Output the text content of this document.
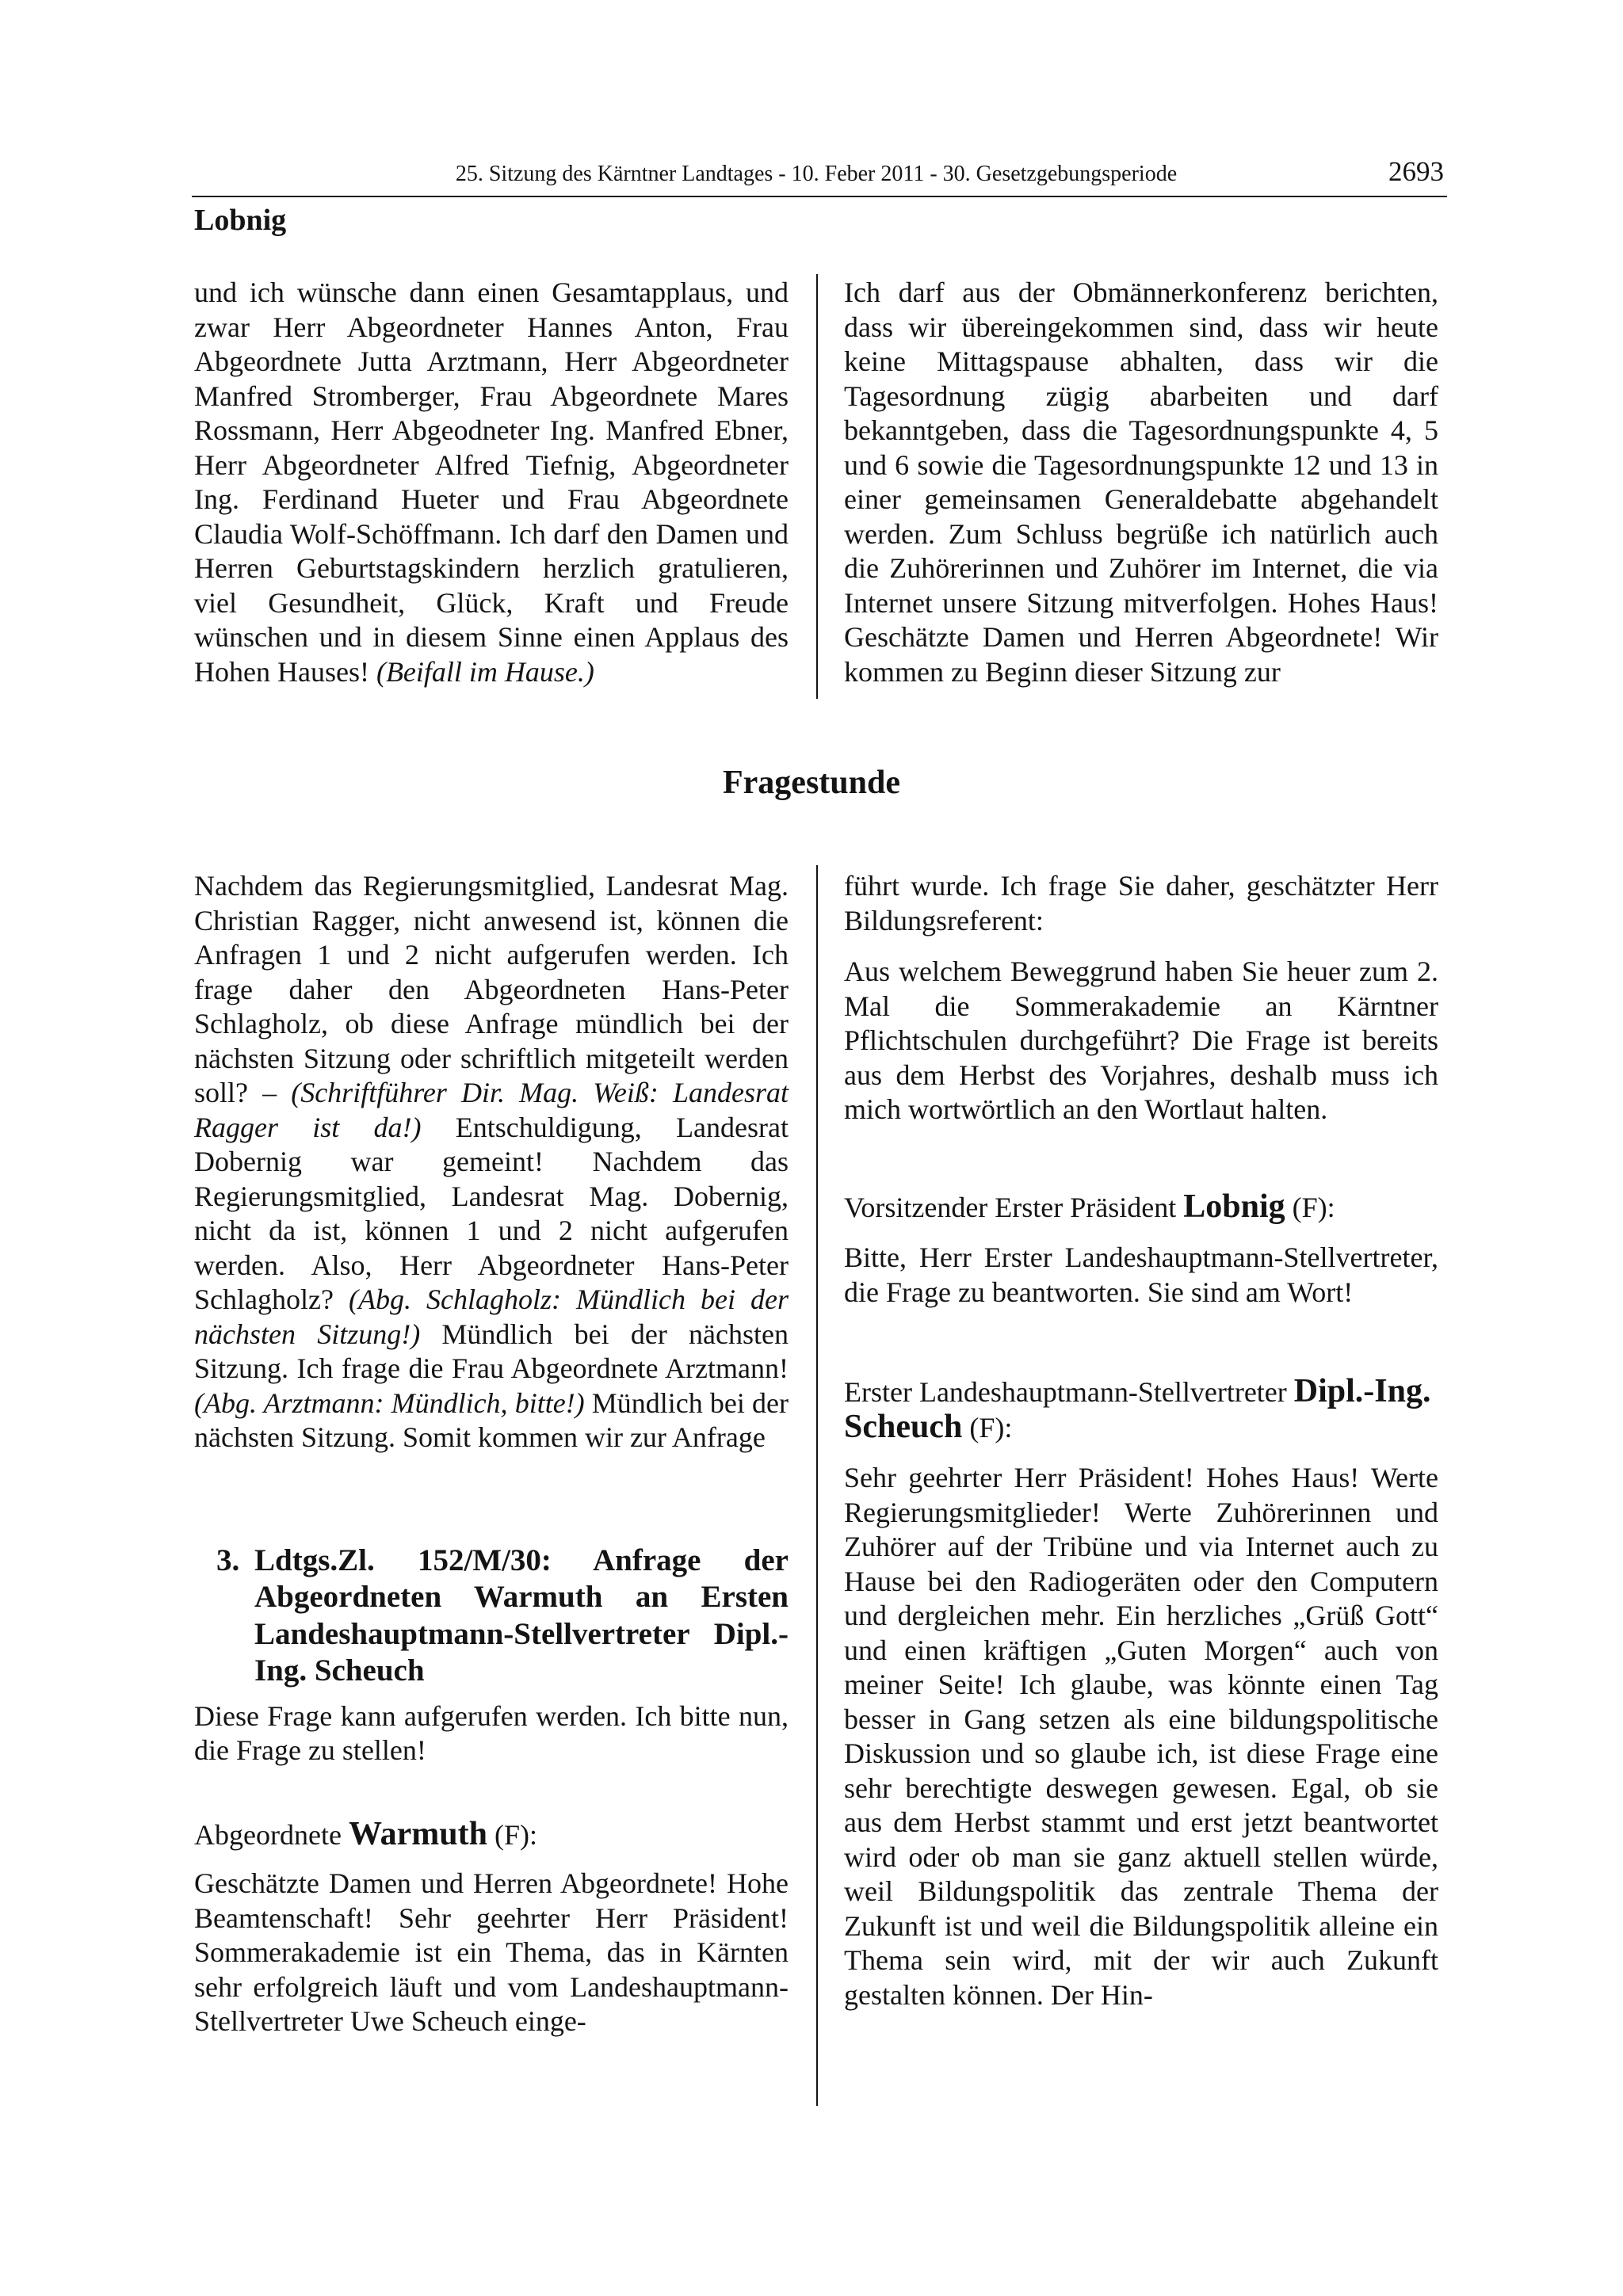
25. Sitzung des Kärntner Landtages - 10. Feber 2011 - 30. Gesetzgebungsperiode	2693
Lobnig

und ich wünsche dann einen Gesamtapplaus, und zwar Herr Abgeordneter Hannes Anton, Frau Abgeordnete Jutta Arztmann, Herr Abgeordneter Manfred Stromberger, Frau Abgeordnete Mares Rossmann, Herr Abgeodneter Ing. Manfred Ebner, Herr Abgeordneter Alfred Tiefnig, Abgeordneter Ing. Ferdinand Hueter und Frau Abgeordnete Claudia Wolf-Schöffmann. Ich darf den Damen und Herren Geburtstagskindern herzlich gratulieren, viel Gesundheit, Glück, Kraft und Freude wünschen und in diesem Sinne einen Applaus des Hohen Hauses! (Beifall im Hause.)

Ich darf aus der Obmännerkonferenz berichten, dass wir übereingekommen sind, dass wir heute keine Mittagspause abhalten, dass wir die Tagesordnung zügig abarbeiten und darf bekanntgeben, dass die Tagesordnungspunkte 4, 5 und 6 sowie die Tagesordnungspunkte 12 und 13 in einer gemeinsamen Generaldebatte abgehandelt werden. Zum Schluss begrüße ich natürlich auch die Zuhörerinnen und Zuhörer im Internet, die via Internet unsere Sitzung mitverfolgen. Hohes Haus! Geschätzte Damen und Herren Abgeordnete! Wir kommen zu Beginn dieser Sitzung zur

Fragestunde

Nachdem das Regierungsmitglied, Landesrat Mag. Christian Ragger, nicht anwesend ist, können die Anfragen 1 und 2 nicht aufgerufen werden. Ich frage daher den Abgeordneten Hans-Peter Schlagholz, ob diese Anfrage mündlich bei der nächsten Sitzung oder schriftlich mitgeteilt werden soll? – (Schriftführer Dir. Mag. Weiß: Landesrat Ragger ist da!) Entschuldigung, Landesrat Dobernig war gemeint! Nachdem das Regierungsmitglied, Landesrat Mag. Dobernig, nicht da ist, können 1 und 2 nicht aufgerufen werden. Also, Herr Abgeordneter Hans-Peter Schlagholz? (Abg. Schlagholz: Mündlich bei der nächsten Sitzung!) Mündlich bei der nächsten Sitzung. Ich frage die Frau Abgeordnete Arztmann! (Abg. Arztmann: Mündlich, bitte!) Mündlich bei der nächsten Sitzung. Somit kommen wir zur Anfrage

3. Ldtgs.Zl. 152/M/30: Anfrage der Abgeordneten Warmuth an Ersten Landeshauptmann-Stellvertreter Dipl.-Ing. Scheuch

Diese Frage kann aufgerufen werden. Ich bitte nun, die Frage zu stellen!

Abgeordnete Warmuth (F):

Geschätzte Damen und Herren Abgeordnete! Hohe Beamtenschaft! Sehr geehrter Herr Präsident! Sommerakademie ist ein Thema, das in Kärnten sehr erfolgreich läuft und vom Landeshauptmann-Stellvertreter Uwe Scheuch einge-

führt wurde. Ich frage Sie daher, geschätzter Herr Bildungsreferent:

Aus welchem Beweggrund haben Sie heuer zum 2. Mal die Sommerakademie an Kärntner Pflichtschulen durchgeführt? Die Frage ist bereits aus dem Herbst des Vorjahres, deshalb muss ich mich wortwörtlich an den Wortlaut halten.

Vorsitzender Erster Präsident Lobnig (F):

Bitte, Herr Erster Landeshauptmann-Stellvertreter, die Frage zu beantworten. Sie sind am Wort!

Erster Landeshauptmann-Stellvertreter Dipl.-Ing. Scheuch (F):

Sehr geehrter Herr Präsident! Hohes Haus! Werte Regierungsmitglieder! Werte Zuhörerinnen und Zuhörer auf der Tribüne und via Internet auch zu Hause bei den Radiogeräten oder den Computern und dergleichen mehr. Ein herzliches „Grüß Gott“ und einen kräftigen „Guten Morgen“ auch von meiner Seite! Ich glaube, was könnte einen Tag besser in Gang setzen als eine bildungspolitische Diskussion und so glaube ich, ist diese Frage eine sehr berechtigte deswegen gewesen. Egal, ob sie aus dem Herbst stammt und erst jetzt beantwortet wird oder ob man sie ganz aktuell stellen würde, weil Bildungspolitik das zentrale Thema der Zukunft ist und weil die Bildungspolitik alleine ein Thema sein wird, mit der wir auch Zukunft gestalten können. Der Hin-
